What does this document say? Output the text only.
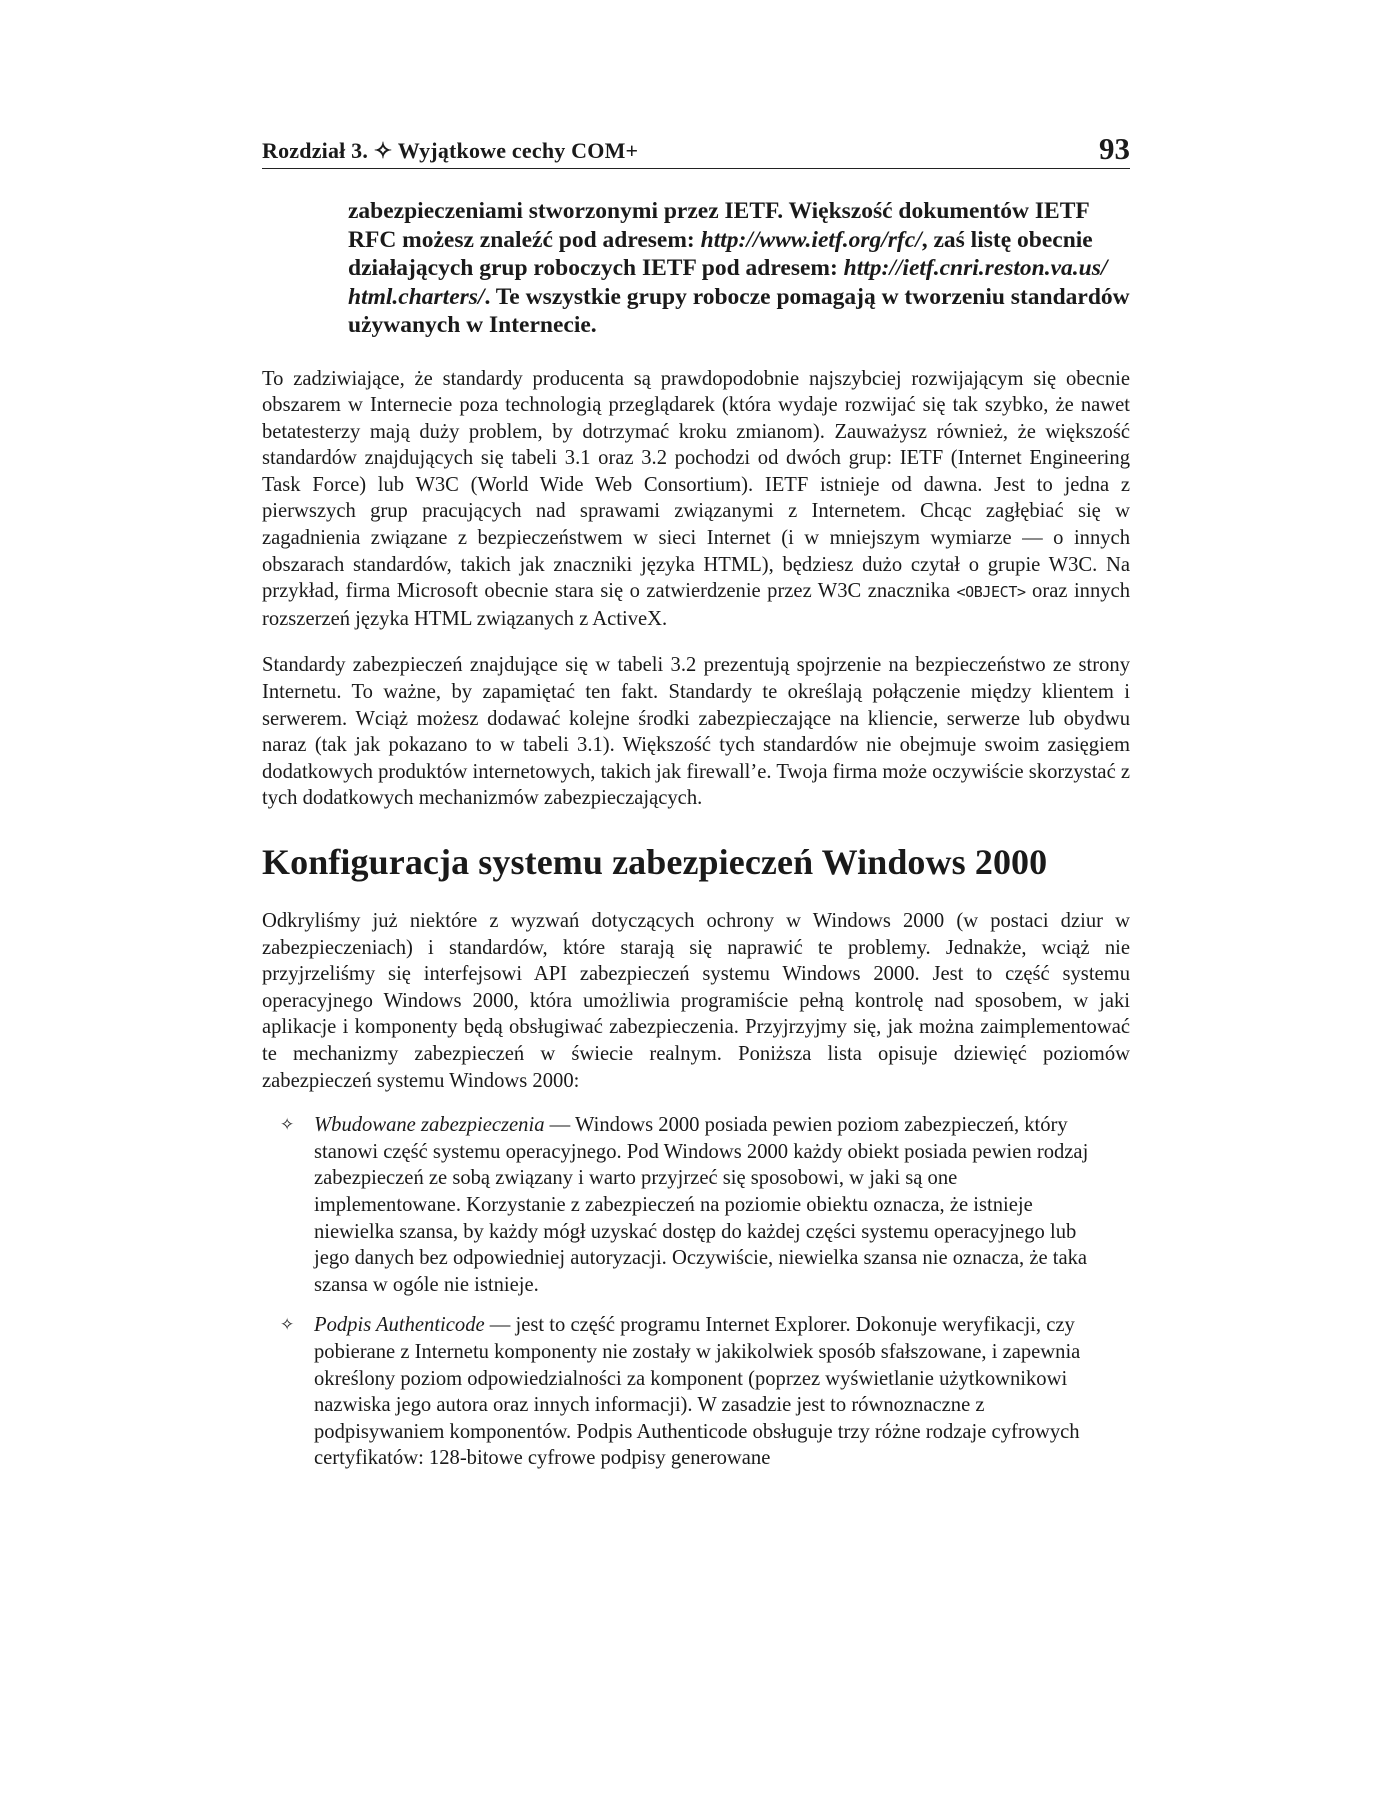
Rozdział 3. ✧ Wyjątkowe cechy COM+	93
zabezpieczeniami stworzonymi przez IETF. Większość dokumentów IETF RFC możesz znaleźć pod adresem: http://www.ietf.org/rfc/, zaś listę obecnie działających grup roboczych IETF pod adresem: http://ietf.cnri.reston.va.us/ html.charters/. Te wszystkie grupy robocze pomagają w tworzeniu standardów używanych w Internecie.

To zadziwiające, że standardy producenta są prawdopodobnie najszybciej rozwijającym się obecnie obszarem w Internecie poza technologią przeglądarek (która wydaje rozwijać się tak szybko, że nawet betatesterzy mają duży problem, by dotrzymać kroku zmianom). Zauważysz również, że większość standardów znajdujących się tabeli 3.1 oraz 3.2 pochodzi od dwóch grup: IETF (Internet Engineering Task Force) lub W3C (World Wide Web Consortium). IETF istnieje od dawna. Jest to jedna z pierwszych grup pracujących nad sprawami związanymi z Internetem. Chcąc zagłębiać się w zagadnienia związane z bezpieczeństwem w sieci Internet (i w mniejszym wymiarze — o innych obszarach standardów, takich jak znaczniki języka HTML), będziesz dużo czytał o grupie W3C. Na przykład, firma Microsoft obecnie stara się o zatwierdzenie przez W3C znacznika <OBJECT> oraz innych rozszerzeń języka HTML związanych z ActiveX.

Standardy zabezpieczeń znajdujące się w tabeli 3.2 prezentują spojrzenie na bezpieczeństwo ze strony Internetu. To ważne, by zapamiętać ten fakt. Standardy te określają połączenie między klientem i serwerem. Wciąż możesz dodawać kolejne środki zabezpieczające na kliencie, serwerze lub obydwu naraz (tak jak pokazano to w tabeli 3.1). Większość tych standardów nie obejmuje swoim zasięgiem dodatkowych produktów internetowych, takich jak firewall’e. Twoja firma może oczywiście skorzystać z tych dodatkowych mechanizmów zabezpieczających.

Konfiguracja systemu zabezpieczeń Windows 2000

Odkryliśmy już niektóre z wyzwań dotyczących ochrony w Windows 2000 (w postaci dziur w zabezpieczeniach) i standardów, które starają się naprawić te problemy. Jednakże, wciąż nie przyjrzeliśmy się interfejsowi API zabezpieczeń systemu Windows 2000. Jest to część systemu operacyjnego Windows 2000, która umożliwia programiście pełną kontrolę nad sposobem, w jaki aplikacje i komponenty będą obsługiwać zabezpieczenia. Przyjrzyjmy się, jak można zaimplementować te mechanizmy zabezpieczeń w świecie realnym. Poniższa lista opisuje dziewięć poziomów zabezpieczeń systemu Windows 2000:

✧ Wbudowane zabezpieczenia — Windows 2000 posiada pewien poziom zabezpieczeń, który stanowi część systemu operacyjnego. Pod Windows 2000 każdy obiekt posiada pewien rodzaj zabezpieczeń ze sobą związany i warto przyjrzeć się sposobowi, w jaki są one implementowane. Korzystanie z zabezpieczeń na poziomie obiektu oznacza, że istnieje niewielka szansa, by każdy mógł uzyskać dostęp do każdej części systemu operacyjnego lub jego danych bez odpowiedniej autoryzacji. Oczywiście, niewielka szansa nie oznacza, że taka szansa w ogóle nie istnieje.
✧ Podpis Authenticode — jest to część programu Internet Explorer. Dokonuje weryfikacji, czy pobierane z Internetu komponenty nie zostały w jakikolwiek sposób sfałszowane, i zapewnia określony poziom odpowiedzialności za komponent (poprzez wyświetlanie użytkownikowi nazwiska jego autora oraz innych informacji). W zasadzie jest to równoznaczne z podpisywaniem komponentów. Podpis Authenticode obsługuje trzy różne rodzaje cyfrowych certyfikatów: 128-bitowe cyfrowe podpisy generowane
